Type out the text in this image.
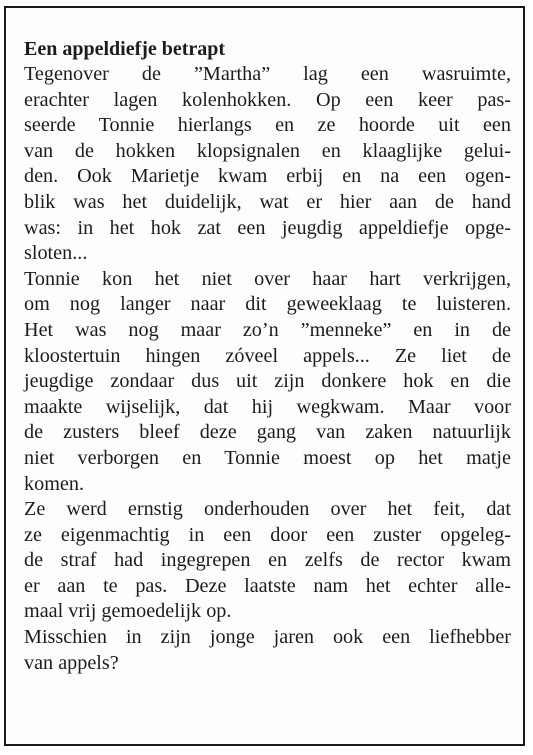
Een appeldiefje betrapt

Tegenover de ”Martha” lag een wasruimte,
erachter lagen kolenhokken. Op een keer pas-
seerde Tonnie hierlangs en ze hoorde uit een
van de hokken klopsignalen en klaaglijke gelui-
den. Ook Marietje kwam erbij en na een ogen-
blik was het duidelijk, wat er hier aan de hand
was: in het hok zat een jeugdig appeldiefje opge-
sloten...

Tonnie kon het niet over haar hart verkrijgen,
om nog langer naar dit geweeklaag te luisteren.
Het was nog maar zo’n ”menneke” en in de
kloostertuin hingen zóveel appels... Ze liet de
jeugdige zondaar dus uit zijn donkere hok en die
maakte wijselijk, dat hij wegkwam. Maar voor
de zusters bleef deze gang van zaken natuurlijk
niet verborgen en Tonnie moest op het matje
komen.

Ze werd ernstig onderhouden over het feit, dat
ze eigenmachtig in een door een zuster opgeleg-
de straf had ingegrepen en zelfs de rector kwam
er aan te pas. Deze laatste nam het echter alle-
maal vrij gemoedelijk op.

Misschien in zijn jonge jaren ook een liefhebber
van appels?
